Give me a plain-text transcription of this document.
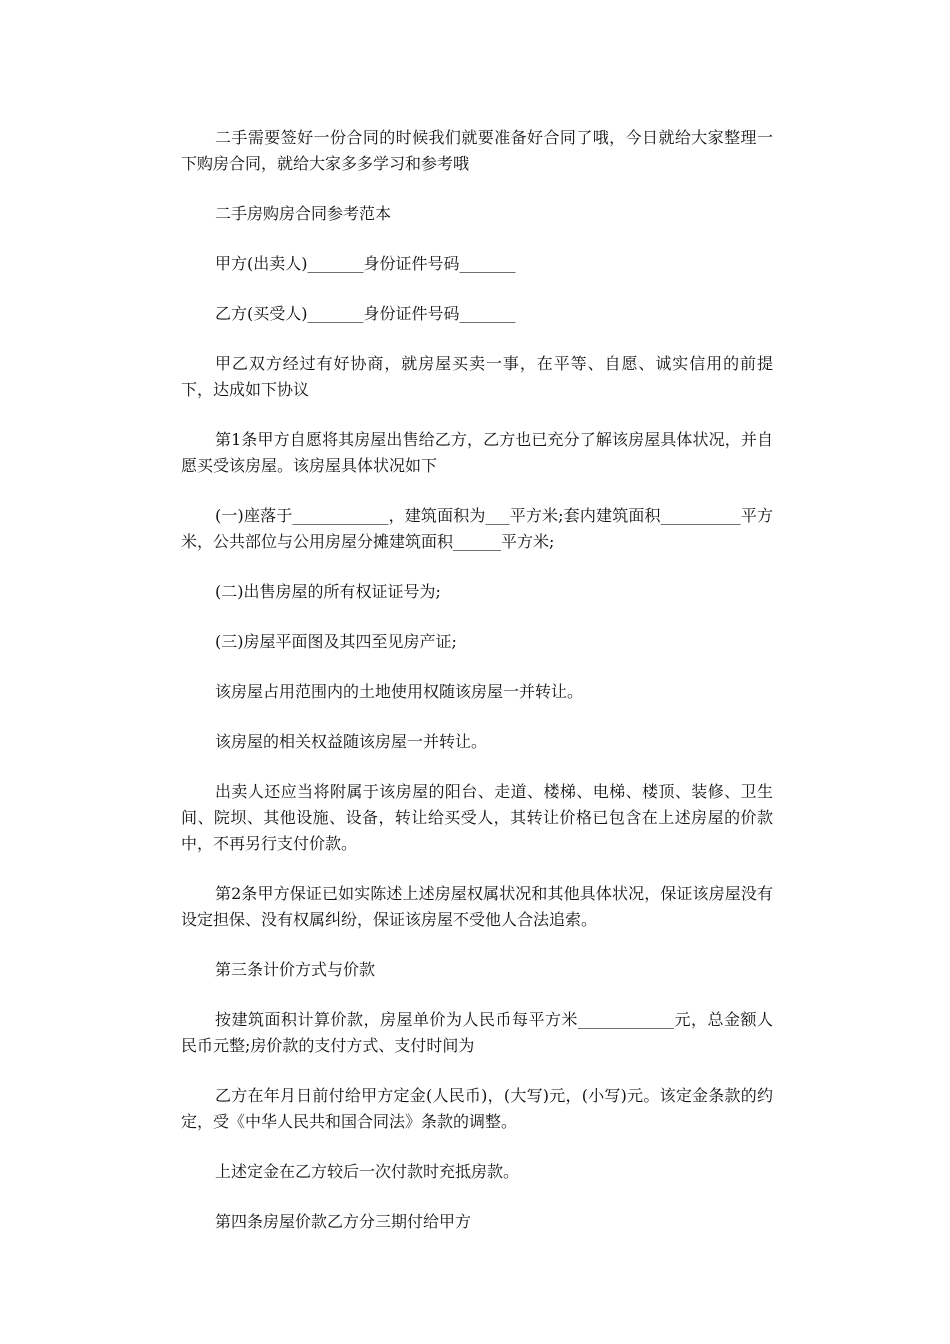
二手需要签好一份合同的时候我们就要准备好合同了哦，今日就给大家整理一下购房合同，就给大家多多学习和参考哦

二手房购房合同参考范本

甲方(出卖人)_______身份证件号码_______

乙方(买受人)_______身份证件号码_______

甲乙双方经过有好协商，就房屋买卖一事，在平等、自愿、诚实信用的前提下，达成如下协议

第1条甲方自愿将其房屋出售给乙方，乙方也已充分了解该房屋具体状况，并自愿买受该房屋。该房屋具体状况如下

(一)座落于____________，建筑面积为___平方米;套内建筑面积__________平方米，公共部位与公用房屋分摊建筑面积______平方米;

(二)出售房屋的所有权证证号为;

(三)房屋平面图及其四至见房产证;

该房屋占用范围内的土地使用权随该房屋一并转让。

该房屋的相关权益随该房屋一并转让。

出卖人还应当将附属于该房屋的阳台、走道、楼梯、电梯、楼顶、装修、卫生间、院坝、其他设施、设备，转让给买受人，其转让价格已包含在上述房屋的价款中，不再另行支付价款。

第2条甲方保证已如实陈述上述房屋权属状况和其他具体状况，保证该房屋没有设定担保、没有权属纠纷，保证该房屋不受他人合法追索。

第三条计价方式与价款

按建筑面积计算价款，房屋单价为人民币每平方米____________元，总金额人民币元整;房价款的支付方式、支付时间为

乙方在年月日前付给甲方定金(人民币)，(大写)元，(小写)元。该定金条款的约定，受《中华人民共和国合同法》条款的调整。

上述定金在乙方较后一次付款时充抵房款。

第四条房屋价款乙方分三期付给甲方
